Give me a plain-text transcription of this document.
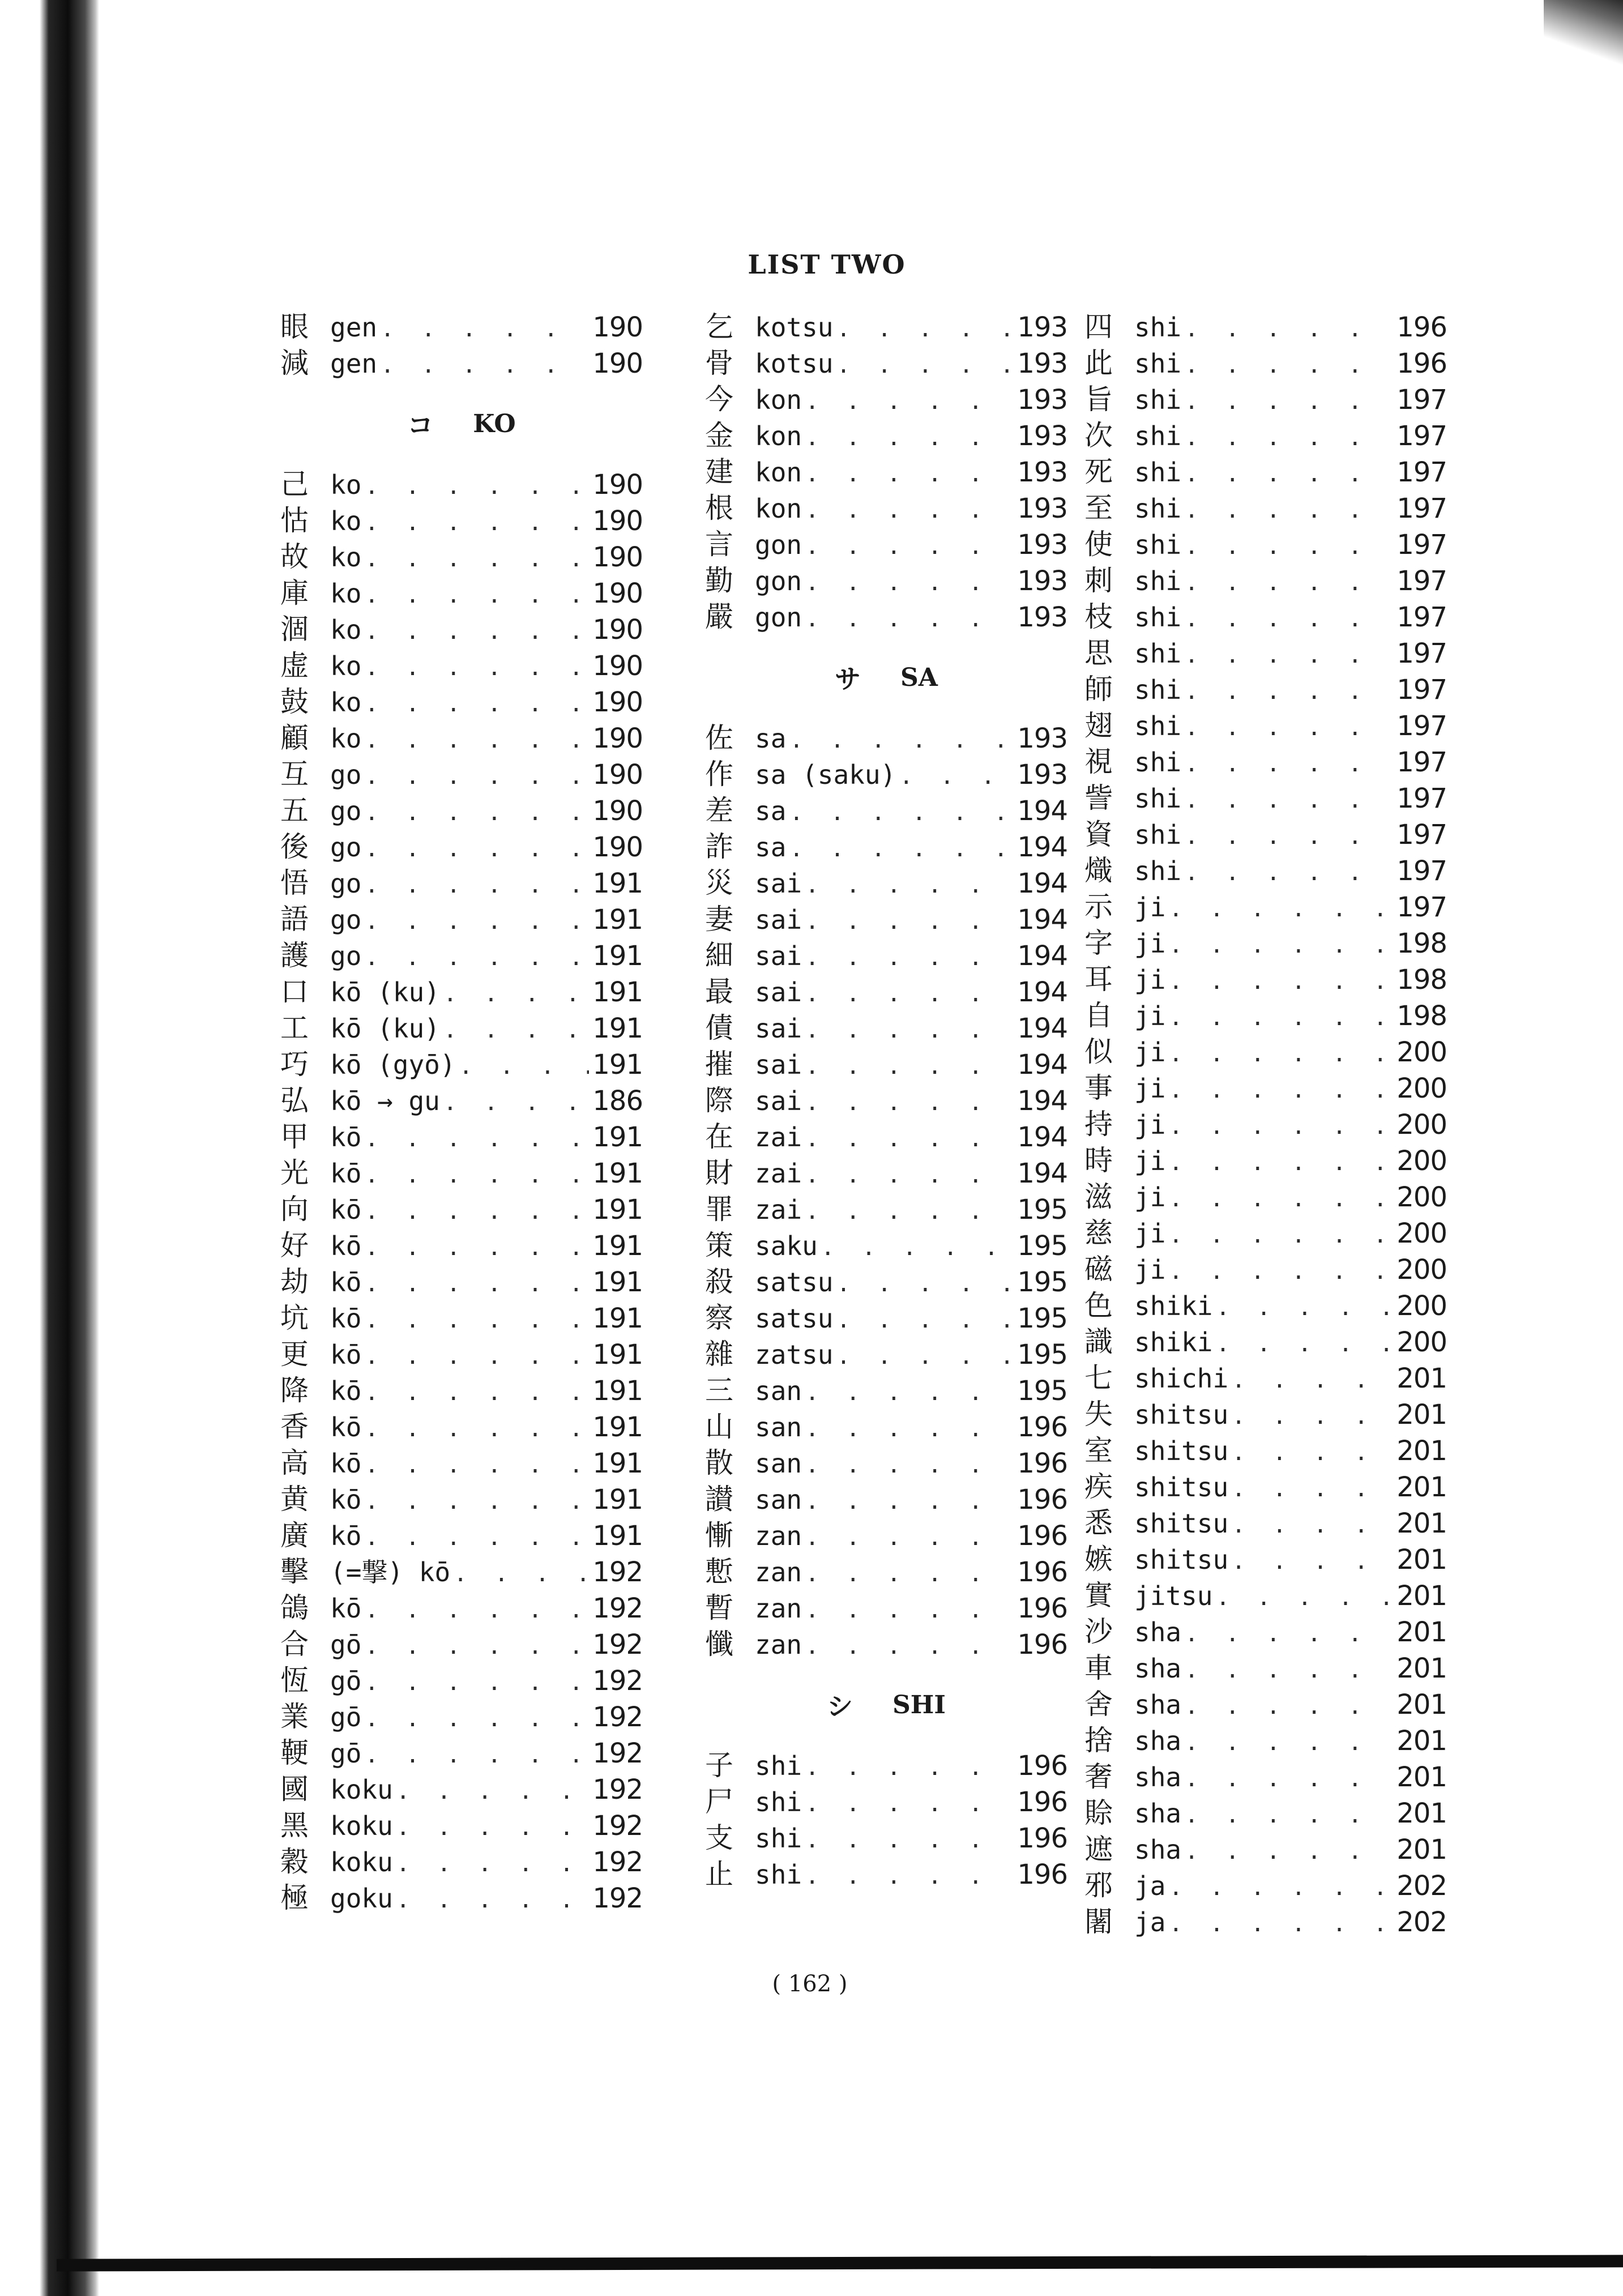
LIST TWO
眼 gen . . .	190
減 gen . . .	190
コ KO
己 ko . . .	190
怙 ko . . .	190
故 ko . . .	190
庫 ko . . .	190
涸 ko . . .	190
虚 ko . . .	190
鼓 ko . . .	190
顧 ko . . .	190
互 go . . .	190
五 go . . .	190
後 go . . .	190
悟 go . . .	191
語 go . . .	191
護 go . . .	191
口 kō (ku) . . .	191
工 kō (ku) . . .	191
巧 kō (gyō) . . .	191
弘 kō → gu . . .	186
甲 kō . . .	191
光 kō . . .	191
向 kō . . .	191
好 kō . . .	191
劫 kō . . .	191
坑 kō . . .	191
更 kō . . .	191
降 kō . . .	191
香 kō . . .	191
高 kō . . .	191
黄 kō . . .	191
廣 kō . . .	191
擊 (=撃) kō . . .	192
鴿 kō . . .	192
合 gō . . .	192
恆 gō . . .	192
業 gō . . .	192
鞕 gō . . .	192
國 koku . . .	192
黑 koku . . .	192
穀 koku . . .	192
極 goku . . .	192
乞 kotsu . . .	193
骨 kotsu . . .	193
今 kon . . .	193
金 kon . . .	193
建 kon . . .	193
根 kon . . .	193
言 gon . . .	193
勤 gon . . .	193
嚴 gon . . .	193
サ SA
佐 sa . . .	193
作 sa (saku) . . .	193
差 sa . . .	194
詐 sa . . .	194
災 sai . . .	194
妻 sai . . .	194
細 sai . . .	194
最 sai . . .	194
債 sai . . .	194
摧 sai . . .	194
際 sai . . .	194
在 zai . . .	194
財 zai . . .	194
罪 zai . . .	195
策 saku . . .	195
殺 satsu . . .	195
察 satsu . . .	195
雜 zatsu . . .	195
三 san . . .	195
山 san . . .	196
散 san . . .	196
讃 san . . .	196
慚 zan . . .	196
慙 zan . . .	196
暫 zan . . .	196
懺 zan . . .	196
シ SHI
子 shi . . .	196
尸 shi . . .	196
支 shi . . .	196
止 shi . . .	196
四 shi . . .	196
此 shi . . .	196
旨 shi . . .	197
次 shi . . .	197
死 shi . . .	197
至 shi . . .	197
使 shi . . .	197
刺 shi . . .	197
枝 shi . . .	197
思 shi . . .	197
師 shi . . .	197
翅 shi . . .	197
視 shi . . .	197
訾 shi . . .	197
資 shi . . .	197
熾 shi . . .	197
示 ji . . .	197
字 ji . . .	198
耳 ji . . .	198
自 ji . . .	198
似 ji . . .	200
事 ji . . .	200
持 ji . . .	200
時 ji . . .	200
滋 ji . . .	200
慈 ji . . .	200
磁 ji . . .	200
色 shiki . . .	200
識 shiki . . .	200
七 shichi . . .	201
失 shitsu . . .	201
室 shitsu . . .	201
疾 shitsu . . .	201
悉 shitsu . . .	201
嫉 shitsu . . .	201
實 jitsu . . .	201
沙 sha . . .	201
車 sha . . .	201
舍 sha . . .	201
捨 sha . . .	201
奢 sha . . .	201
賒 sha . . .	201
遮 sha . . .	201
邪 ja . . .	202
闍 ja . . .	202
( 162 )
